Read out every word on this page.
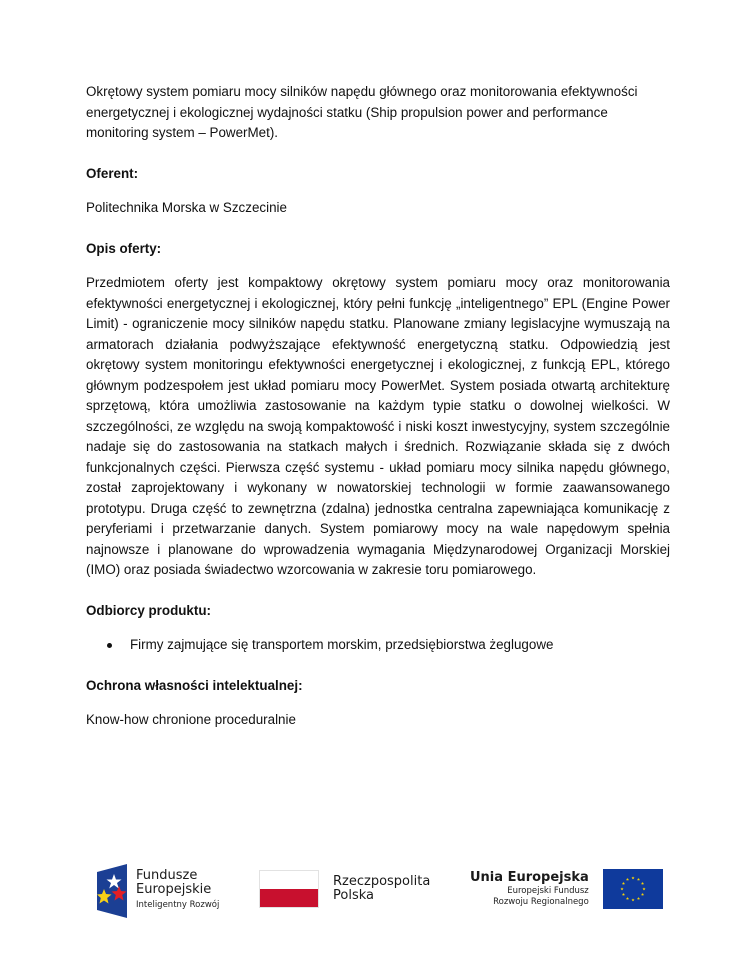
Okrętowy system pomiaru mocy silników napędu głównego oraz monitorowania efektywności energetycznej i ekologicznej wydajności statku (Ship propulsion power and performance monitoring system – PowerMet).

Oferent:

Politechnika Morska w Szczecinie

Opis oferty:

Przedmiotem oferty jest kompaktowy okrętowy system pomiaru mocy oraz monitorowania efektywności energetycznej i ekologicznej, który pełni funkcję „inteligentnego” EPL (Engine Power Limit) - ograniczenie mocy silników napędu statku. Planowane zmiany legislacyjne wymuszają na armatorach działania podwyższające efektywność energetyczną statku. Odpowiedzią jest okrętowy system monitoringu efektywności energetycznej i ekologicznej, z funkcją EPL, którego głównym podzespołem jest układ pomiaru mocy PowerMet. System posiada otwartą architekturę sprzętową, która umożliwia zastosowanie na każdym typie statku o dowolnej wielkości. W szczególności, ze względu na swoją kompaktowość i niski koszt inwestycyjny, system szczególnie nadaje się do zastosowania na statkach małych i średnich. Rozwiązanie składa się z dwóch funkcjonalnych części. Pierwsza część systemu - układ pomiaru mocy silnika napędu głównego, został zaprojektowany i wykonany w nowatorskiej technologii w formie zaawansowanego prototypu. Druga część to zewnętrzna (zdalna) jednostka centralna zapewniająca komunikację z peryferiami i przetwarzanie danych. System pomiarowy mocy na wale napędowym spełnia najnowsze i planowane do wprowadzenia wymagania Międzynarodowej Organizacji Morskiej (IMO) oraz posiada świadectwo wzorcowania w zakresie toru pomiarowego.

Odbiorcy produktu:

Firmy zajmujące się transportem morskim, przedsiębiorstwa żeglugowe

Ochrona własności intelektualnej:

Know-how chronione proceduralnie

Fundusze
Europejskie
Inteligentny Rozwój
Rzeczpospolita
Polska
Unia Europejska
Europejski Fundusz
Rozwoju Regionalnego
